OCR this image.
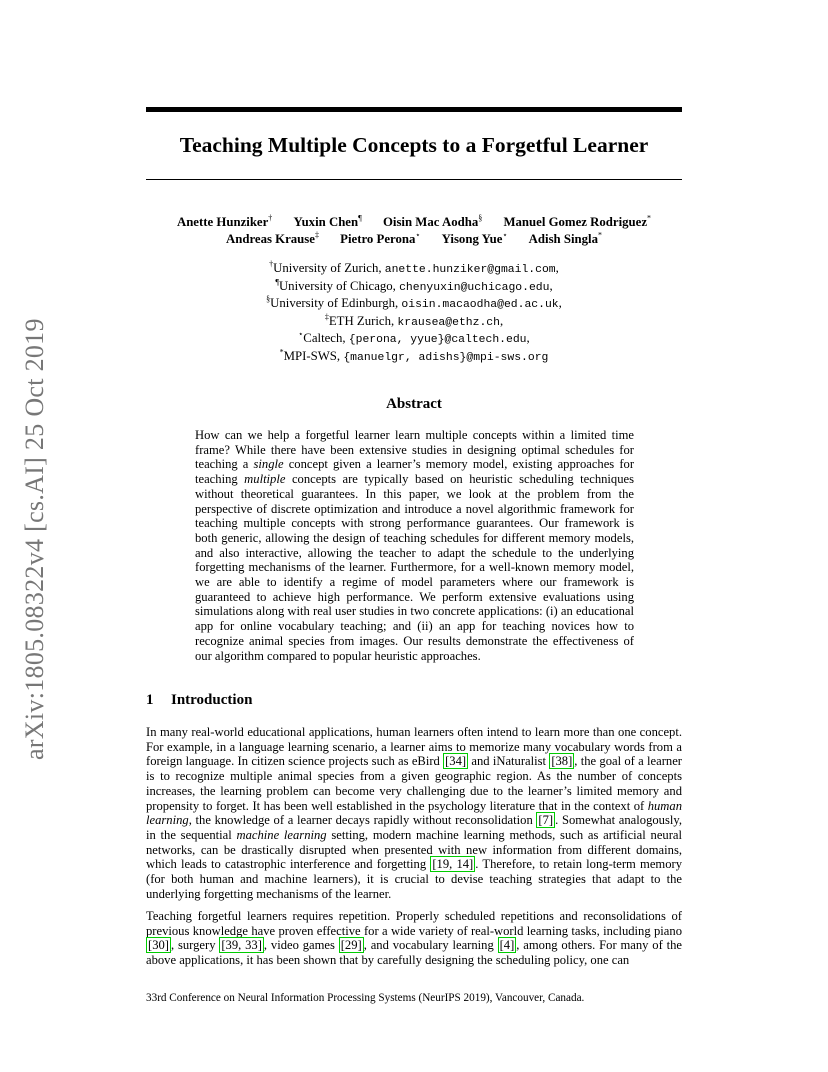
arXiv:1805.08322v4 [cs.AI] 25 Oct 2019
Teaching Multiple Concepts to a Forgetful Learner
Anette Hunziker† Yuxin Chen¶ Oisin Mac Aodha§ Manuel Gomez Rodriguez*
Andreas Krause‡ Pietro Perona⋆ Yisong Yue⋆ Adish Singla*
†University of Zurich, anette.hunziker@gmail.com,
¶University of Chicago, chenyuxin@uchicago.edu,
§University of Edinburgh, oisin.macaodha@ed.ac.uk,
‡ETH Zurich, krausea@ethz.ch,
⋆Caltech, {perona, yyue}@caltech.edu,
*MPI-SWS, {manuelgr, adishs}@mpi-sws.org
Abstract
How can we help a forgetful learner learn multiple concepts within a limited time frame? While there have been extensive studies in designing optimal schedules for teaching a single concept given a learner’s memory model, existing approaches for teaching multiple concepts are typically based on heuristic scheduling techniques without theoretical guarantees. In this paper, we look at the problem from the perspective of discrete optimization and introduce a novel algorithmic framework for teaching multiple concepts with strong performance guarantees. Our framework is both generic, allowing the design of teaching schedules for different memory models, and also interactive, allowing the teacher to adapt the schedule to the underlying forgetting mechanisms of the learner. Furthermore, for a well-known memory model, we are able to identify a regime of model parameters where our framework is guaranteed to achieve high performance. We perform extensive evaluations using simulations along with real user studies in two concrete applications: (i) an educational app for online vocabulary teaching; and (ii) an app for teaching novices how to recognize animal species from images. Our results demonstrate the effectiveness of our algorithm compared to popular heuristic approaches.
1 Introduction
In many real-world educational applications, human learners often intend to learn more than one concept. For example, in a language learning scenario, a learner aims to memorize many vocabulary words from a foreign language. In citizen science projects such as eBird [34] and iNaturalist [38] , the goal of a learner is to recognize multiple animal species from a given geographic region. As the number of concepts increases, the learning problem can become very challenging due to the learner’s limited memory and propensity to forget. It has been well established in the psychology literature that in the context of human learning, the knowledge of a learner decays rapidly without reconsolidation [7] . Somewhat analogously, in the sequential machine learning setting, modern machine learning methods, such as artificial neural networks, can be drastically disrupted when presented with new information from different domains, which leads to catastrophic interference and forgetting [19, 14] . Therefore, to retain long-term memory (for both human and machine learners), it is crucial to devise teaching strategies that adapt to the underlying forgetting mechanisms of the learner.
Teaching forgetful learners requires repetition. Properly scheduled repetitions and reconsolidations of previous knowledge have proven effective for a wide variety of real-world learning tasks, including piano [30] , surgery [39, 33] , video games [29] , and vocabulary learning [4] , among others. For many of the above applications, it has been shown that by carefully designing the scheduling policy, one can
33rd Conference on Neural Information Processing Systems (NeurIPS 2019), Vancouver, Canada.
